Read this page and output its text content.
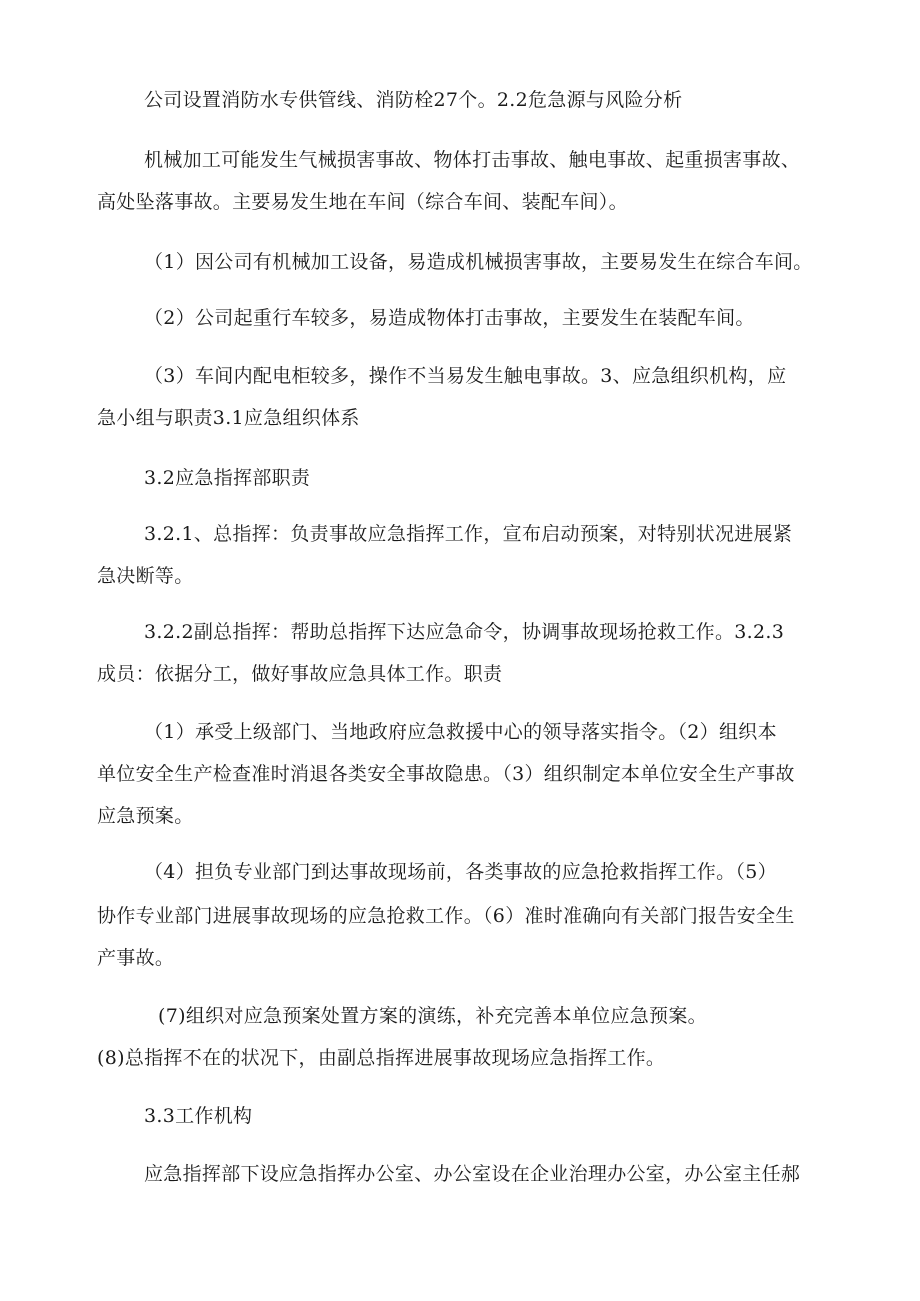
公司设置消防水专供管线、消防栓27个。2.2危急源与风险分析
机械加工可能发生气械损害事故、物体打击事故、触电事故、起重损害事故、
高处坠落事故。主要易发生地在车间（综合车间、装配车间）。
（1）因公司有机械加工设备，易造成机械损害事故，主要易发生在综合车间。
（2）公司起重行车较多，易造成物体打击事故，主要发生在装配车间。
（3）车间内配电柜较多，操作不当易发生触电事故。3、应急组织机构，应
急小组与职责3.1应急组织体系
3.2应急指挥部职责
3.2.1、总指挥：负责事故应急指挥工作，宣布启动预案，对特别状况进展紧
急决断等。
3.2.2副总指挥：帮助总指挥下达应急命令，协调事故现场抢救工作。3.2.3
成员：依据分工，做好事故应急具体工作。职责
（1）承受上级部门、当地政府应急救援中心的领导落实指令。（2）组织本
单位安全生产检查准时消退各类安全事故隐患。（3）组织制定本单位安全生产事故
应急预案。
（4）担负专业部门到达事故现场前，各类事故的应急抢救指挥工作。（5）
协作专业部门进展事故现场的应急抢救工作。（6）准时准确向有关部门报告安全生
产事故。
(7)组织对应急预案处置方案的演练，补充完善本单位应急预案。
(8)总指挥不在的状况下，由副总指挥进展事故现场应急指挥工作。
3.3工作机构
应急指挥部下设应急指挥办公室、办公室设在企业治理办公室，办公室主任郝
